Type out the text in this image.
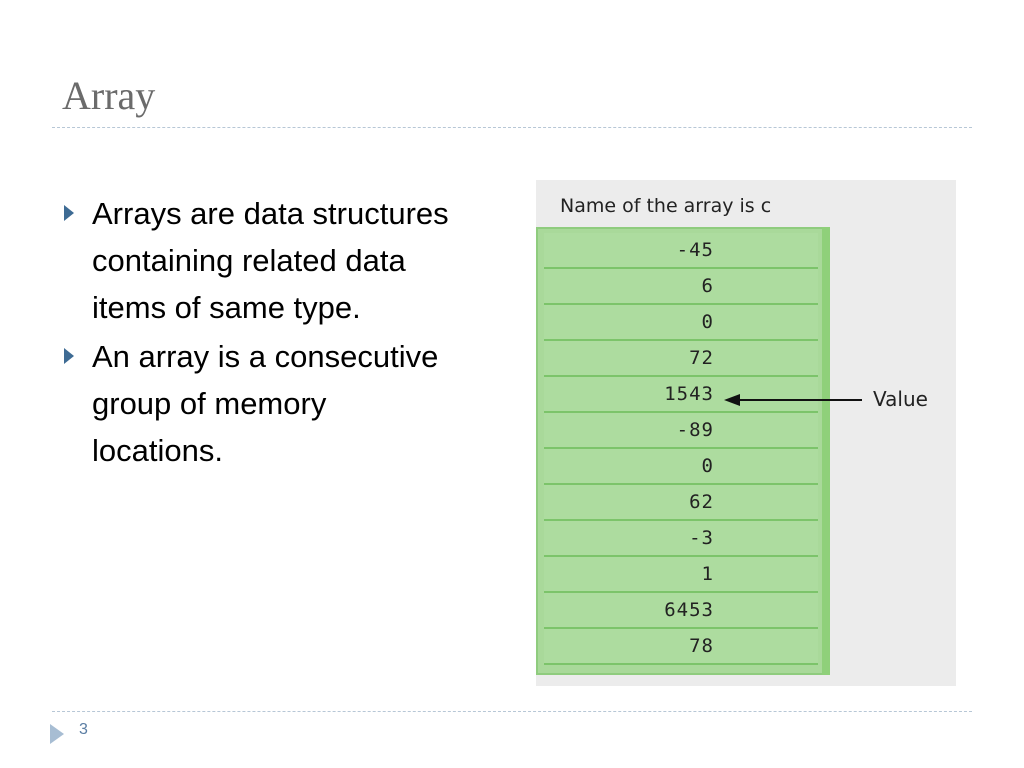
Array
Arrays are data structures containing related data items of same type.
An array is a consecutive group of memory locations.
Name of the array is c
-45
6
0
72
1543
-89
0
62
-3
1
6453
78
Value
3
